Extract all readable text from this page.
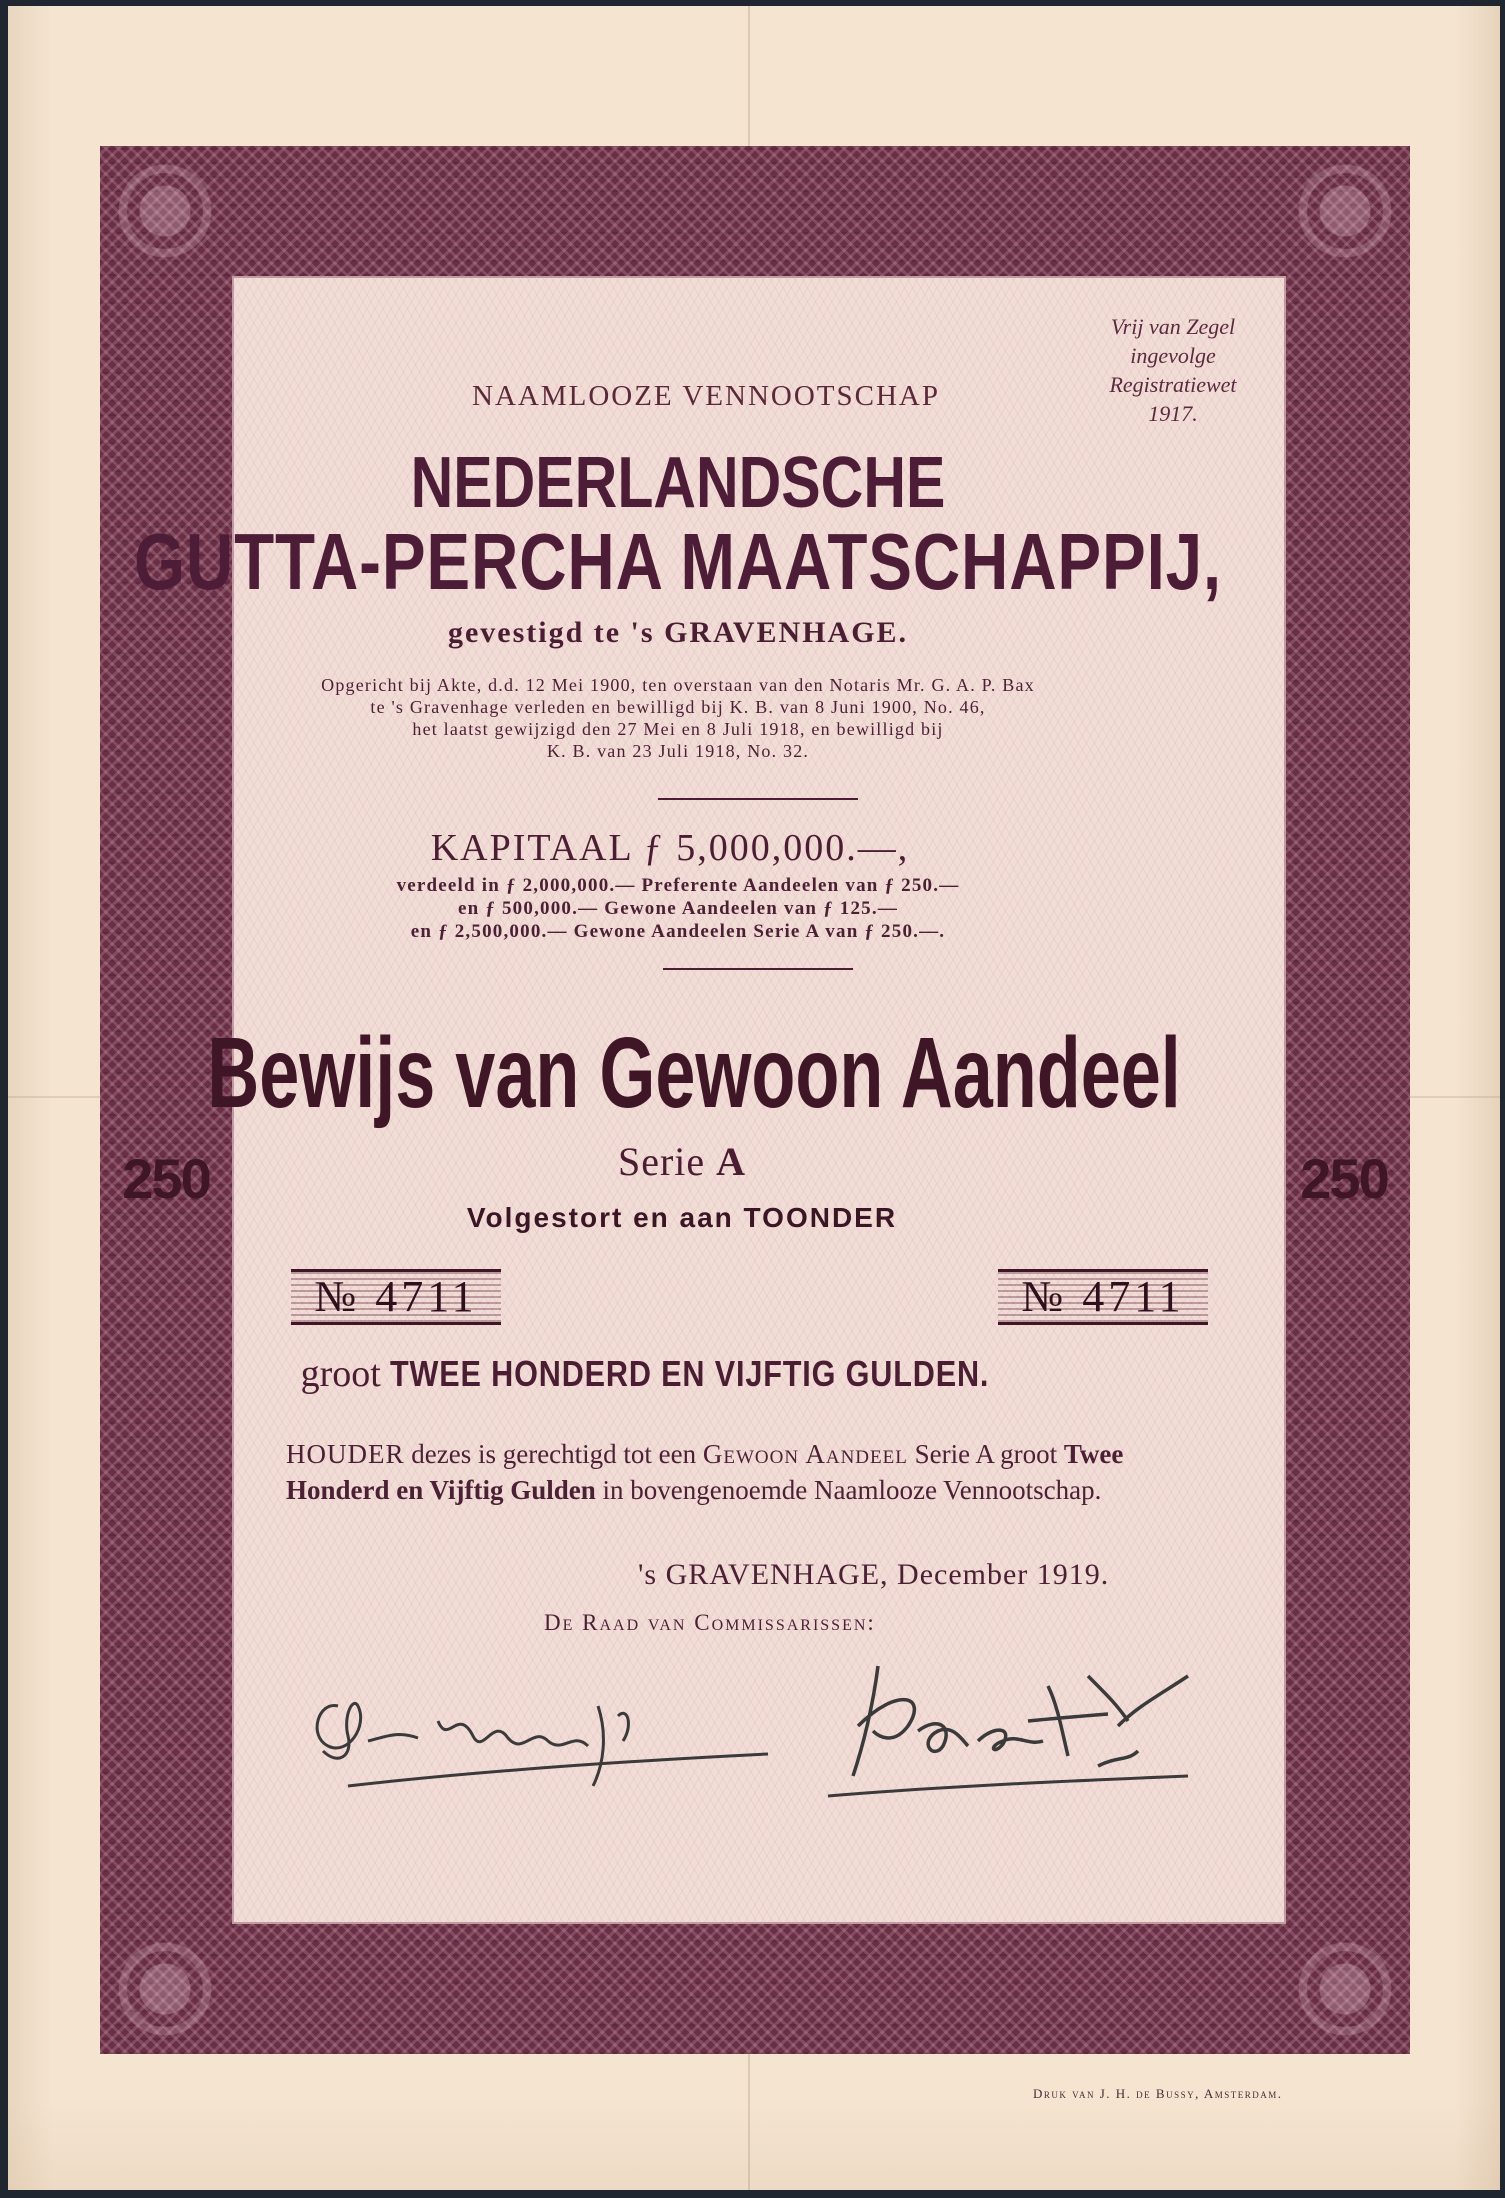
250	250
Vrij van Zegel
ingevolge
Registratiewet
1917.
NAAMLOOZE VENNOOTSCHAP
NEDERLANDSCHE
GUTTA-PERCHA MAATSCHAPPIJ,
gevestigd te 's GRAVENHAGE.
Opgericht bij Akte, d.d. 12 Mei 1900, ten overstaan van den Notaris Mr. G. A. P. Bax
te 's Gravenhage verleden en bewilligd bij K. B. van 8 Juni 1900, No. 46,
het laatst gewijzigd den 27 Mei en 8 Juli 1918, en bewilligd bij
K. B. van 23 Juli 1918, No. 32.
KAPITAAL ƒ 5,000,000.—,
verdeeld in ƒ 2,000,000.— Preferente Aandeelen van ƒ 250.—
en ƒ 500,000.— Gewone Aandeelen van ƒ 125.—
en ƒ 2,500,000.— Gewone Aandeelen Serie A van ƒ 250.—.
Bewijs van Gewoon Aandeel
Serie A
Volgestort en aan TOONDER
№ 4711	№ 4711
groot TWEE HONDERD EN VIJFTIG GULDEN.
HOUDER dezes is gerechtigd tot een Gewoon Aandeel Serie A groot Twee Honderd en Vijftig Gulden in bovengenoemde Naamlooze Vennootschap.
's GRAVENHAGE, December 1919.
De Raad van Commissarissen:
Druk van J. H. de Bussy, Amsterdam.
